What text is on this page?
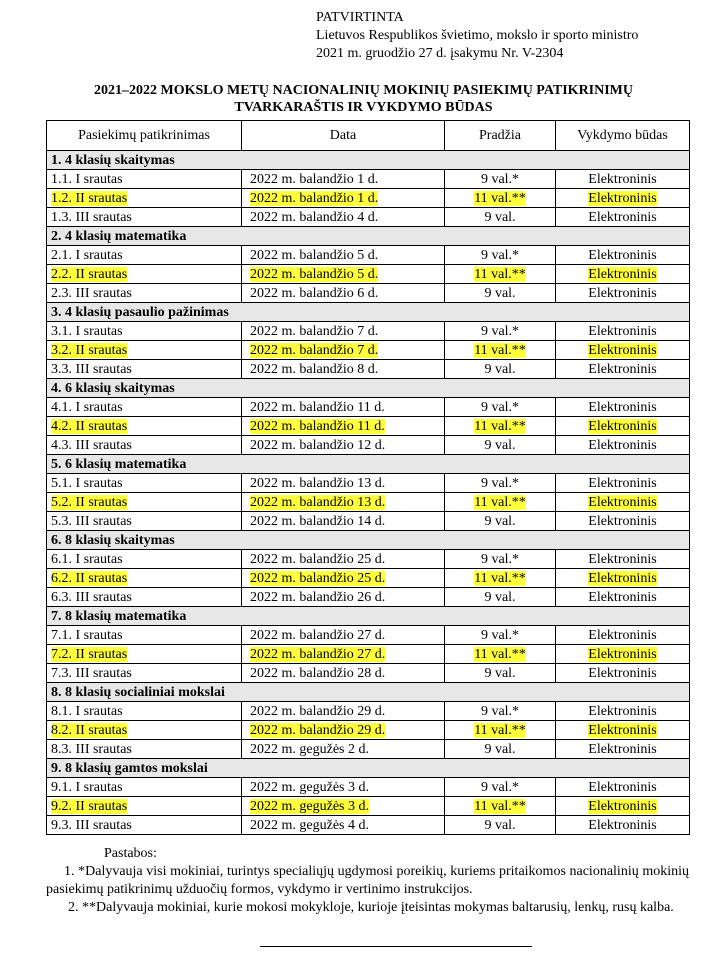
PATVIRTINTA
Lietuvos Respublikos švietimo, mokslo ir sporto ministro
2021 m. gruodžio 27 d. įsakymu Nr. V-2304
2021–2022 MOKSLO METŲ NACIONALINIŲ MOKINIŲ PASIEKIMŲ PATIKRINIMŲ
TVARKARAŠTIS IR VYKDYMO BŪDAS
Pasiekimų patikrinimas	Data	Pradžia	Vykdymo būdas
1. 4 klasių skaitymas			
1.1. I srautas	2022 m. balandžio 1 d.	9 val.*	Elektroninis
1.2. II srautas	2022 m. balandžio 1 d.	11 val.**	Elektroninis
1.3. III srautas	2022 m. balandžio 4 d.	9 val.	Elektroninis
2. 4 klasių matematika			
2.1. I srautas	2022 m. balandžio 5 d.	9 val.*	Elektroninis
2.2. II srautas	2022 m. balandžio 5 d.	11 val.**	Elektroninis
2.3. III srautas	2022 m. balandžio 6 d.	9 val.	Elektroninis
3. 4 klasių pasaulio pažinimas			
3.1. I srautas	2022 m. balandžio 7 d.	9 val.*	Elektroninis
3.2. II srautas	2022 m. balandžio 7 d.	11 val.**	Elektroninis
3.3. III srautas	2022 m. balandžio 8 d.	9 val.	Elektroninis
4. 6 klasių skaitymas			
4.1. I srautas	2022 m. balandžio 11 d.	9 val.*	Elektroninis
4.2. II srautas	2022 m. balandžio 11 d.	11 val.**	Elektroninis
4.3. III srautas	2022 m. balandžio 12 d.	9 val.	Elektroninis
5. 6 klasių matematika			
5.1. I srautas	2022 m. balandžio 13 d.	9 val.*	Elektroninis
5.2. II srautas	2022 m. balandžio 13 d.	11 val.**	Elektroninis
5.3. III srautas	2022 m. balandžio 14 d.	9 val.	Elektroninis
6. 8 klasių skaitymas			
6.1. I srautas	2022 m. balandžio 25 d.	9 val.*	Elektroninis
6.2. II srautas	2022 m. balandžio 25 d.	11 val.**	Elektroninis
6.3. III srautas	2022 m. balandžio 26 d.	9 val.	Elektroninis
7. 8 klasių matematika			
7.1. I srautas	2022 m. balandžio 27 d.	9 val.*	Elektroninis
7.2. II srautas	2022 m. balandžio 27 d.	11 val.**	Elektroninis
7.3. III srautas	2022 m. balandžio 28 d.	9 val.	Elektroninis
8. 8 klasių socialiniai mokslai			
8.1. I srautas	2022 m. balandžio 29 d.	9 val.*	Elektroninis
8.2. II srautas	2022 m. balandžio 29 d.	11 val.**	Elektroninis
8.3. III srautas	2022 m. gegužės 2 d.	9 val.	Elektroninis
9. 8 klasių gamtos mokslai			
9.1. I srautas	2022 m. gegužės 3 d.	9 val.*	Elektroninis
9.2. II srautas	2022 m. gegužės 3 d.	11 val.**	Elektroninis
9.3. III srautas	2022 m. gegužės 4 d.	9 val.	Elektroninis
Pastabos:

1. *Dalyvauja visi mokiniai, turintys specialiųjų ugdymosi poreikių, kuriems pritaikomos nacionalinių mokinių pasiekimų patikrinimų užduočių formos, vykdymo ir vertinimo instrukcijos.

2. **Dalyvauja mokiniai, kurie mokosi mokykloje, kurioje įteisintas mokymas baltarusių, lenkų, rusų kalba.
